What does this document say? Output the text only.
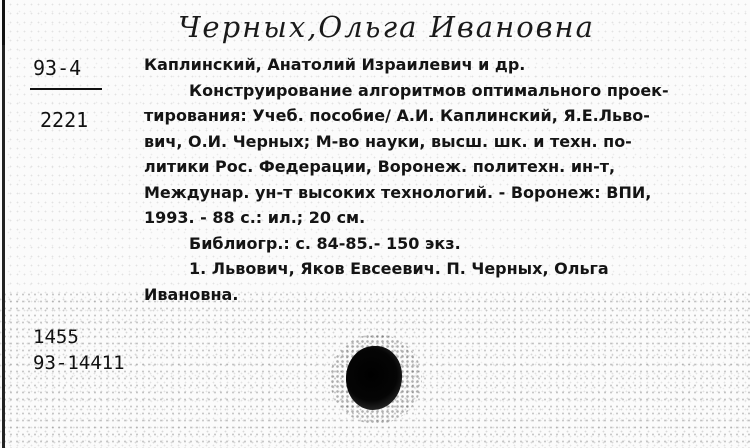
Черных,Ольга Ивановна
93-4
2221
Каплинский, Анатолий Израилевич и др.
Конструирование алгоритмов оптимального проек-
тирования: Учеб. пособие/ А.И. Каплинский, Я.Е.Льво-
вич, О.И. Черных; М-во науки, высш. шк. и техн. по-
литики Рос. Федерации, Воронеж. политехн. ин-т,
Междунар. ун-т высоких технологий. - Воронеж: ВПИ,
1993. - 88 с.: ил.; 20 см.
Библиогр.: с. 84-85.- 150 экз.
1. Львович, Яков Евсеевич. П. Черных, Ольга
Ивановна.
1455
93-14411
